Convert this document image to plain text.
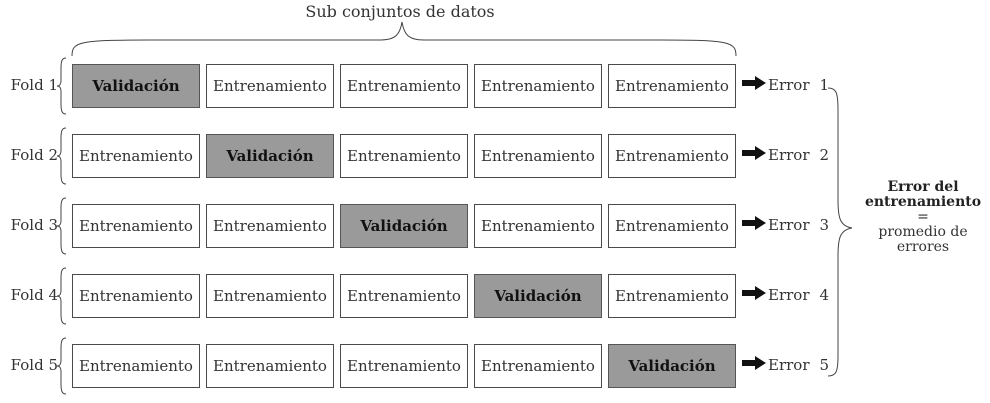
Sub conjuntos de datos
Fold 1	Validación	Entrenamiento	Entrenamiento	Entrenamiento	Entrenamiento	Error 1
Fold 2	Entrenamiento	Validación	Entrenamiento	Entrenamiento	Entrenamiento	Error 2
Fold 3	Entrenamiento	Entrenamiento	Validación	Entrenamiento	Entrenamiento	Error 3
Fold 4	Entrenamiento	Entrenamiento	Entrenamiento	Validación	Entrenamiento	Error 4
Fold 5	Entrenamiento	Entrenamiento	Entrenamiento	Entrenamiento	Validación	Error 5
Error del
entrenamiento
=
promedio de
errores
